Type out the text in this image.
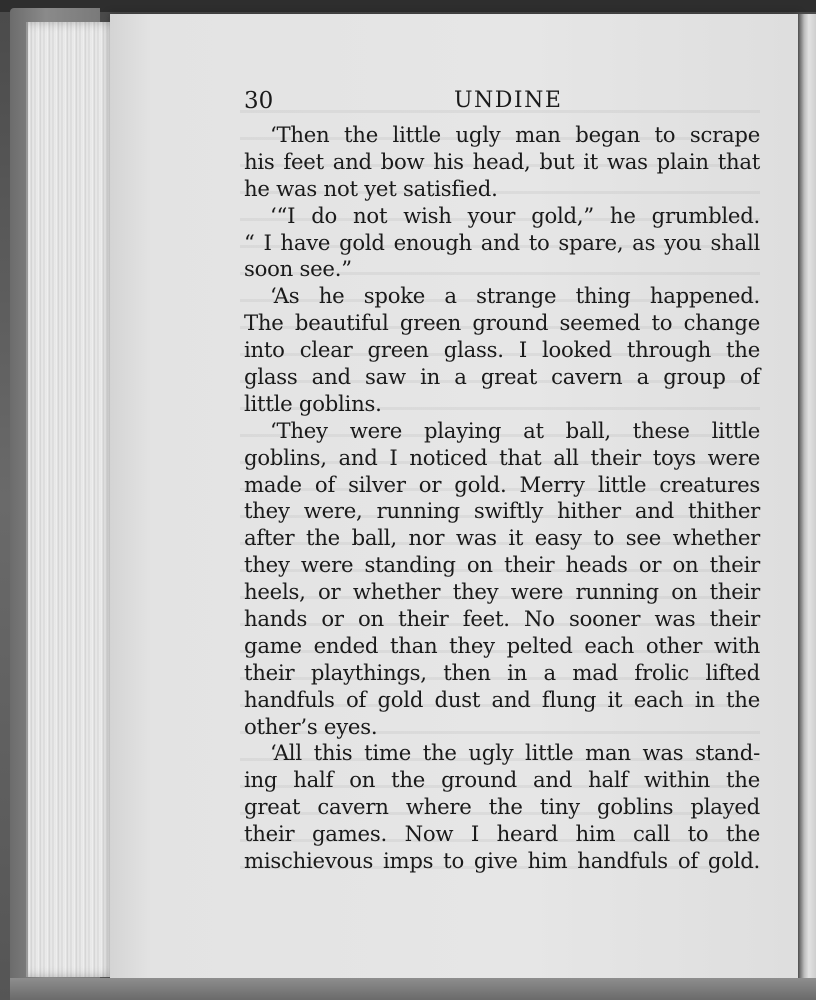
30	UNDINE
‘Then the little ugly man began to scrape
his feet and bow his head, but it was plain that
he was not yet satisfied.
‘“I do not wish your gold,” he grumbled.
“ I have gold enough and to spare, as you shall
soon see.”
‘As he spoke a strange thing happened.
The beautiful green ground seemed to change
into clear green glass. I looked through the
glass and saw in a great cavern a group of
little goblins.
‘They were playing at ball, these little
goblins, and I noticed that all their toys were
made of silver or gold. Merry little creatures
they were, running swiftly hither and thither
after the ball, nor was it easy to see whether
they were standing on their heads or on their
heels, or whether they were running on their
hands or on their feet. No sooner was their
game ended than they pelted each other with
their playthings, then in a mad frolic lifted
handfuls of gold dust and flung it each in the
other’s eyes.
‘All this time the ugly little man was stand-
ing half on the ground and half within the
great cavern where the tiny goblins played
their games. Now I heard him call to the
mischievous imps to give him handfuls of gold.
